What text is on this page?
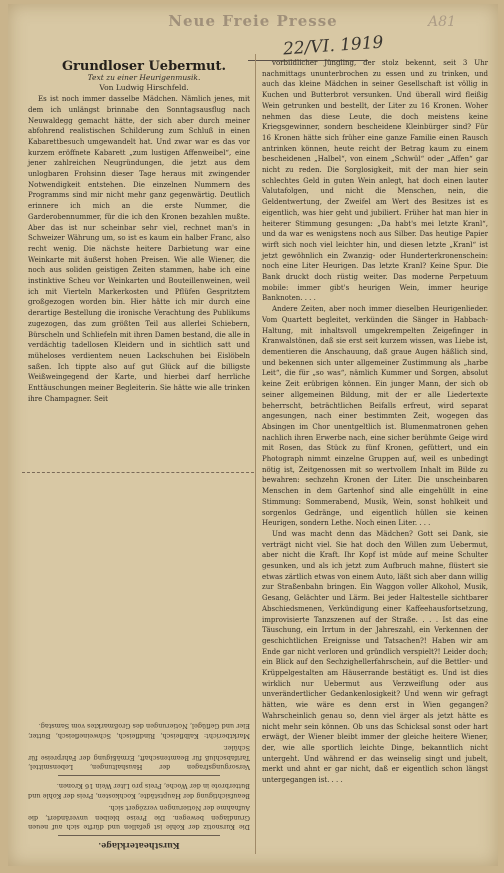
Neue Freie Presse	A81
22/VI. 1919

Grundloser Uebermut.

Text zu einer Heurigenmusik.

Von Ludwig Hirschfeld.

Es ist noch immer dasselbe Mädchen. Nämlich jenes, mit dem ich unlängst brinnabe den Sonntagsausflug nach Neuwaldegg gemacht hätte, der sich aber durch meiner abfohrend realistischen Schilderung zum Schluß in einen Kabarettbesuch umgewandelt hat. Und zwar war es das vor kurzem eröffnete Kabarett „zum lustigen Affenweibel“, eine jener zahlreichen Neugründungen, die jetzt aus dem unlogbaren Frohsinn dieser Tage heraus mit zwingender Notwendigkeit entstehen. Die einzelnen Nummern des Programms sind mir nicht mehr ganz gegenwärtig. Deutlich erinnere ich mich an die erste Nummer, die Garderobennummer, für die ich den Kronen bezahlen mußte. Aber das ist nur scheinbar sehr viel, rechnet man's in Schweizer Währung um, so ist es kaum ein halber Franc, also recht wenig. Die nächste heitere Darbietung war eine Weinkarte mit äußerst hohen Preisen. Wie alle Wiener, die noch aus soliden geistigen Zeiten stammen, habe ich eine instinktive Scheu vor Weinkarten und Bouteillenweinen, weil ich mit Vierteln Markerkosten und Pflüfen Gespritztem großgezogen worden bin. Hier hätte ich mir durch eine derartige Bestellung die ironische Verachtung des Publikums zugezogen, das zum größten Teil aus allerlei Schiebern, Bürscheln und Schliefeln mit ihren Damen bestand, die alle in verdächtig tadellosen Kleidern und in sichtlich satt und müheloses verdientem neuen Lackschuhen bei Eislöbeln saßen. Ich tippte also auf gut Glück auf die billigste Weißweingegend der Karte, und hierbei darf herrliche Enttäuschungen meiner Begleiterin. Sie hätte wie alle trinken ihre Champagner. Seit

vorbildlicher Jüngling, der stolz bekennt, seit 3 Uhr nachmittags ununterbrochen zu essen und zu trinken, und auch das kleine Mädchen in seiner Gesellschaft ist völlig in Kuchen und Butterbrot versunken. Und überall wird fleißig Wein getrunken und bestellt, der Liter zu 16 Kronen. Woher nehmen das diese Leute, die doch meistens keine Kriegsgewinner, sondern bescheidene Kleinbürger sind? Für 16 Kronen hätte sich früher eine ganze Familie einen Rausch antrinken können, heute reicht der Betrag kaum zu einem bescheidenen „Halbel“, von einem „Schwül“ oder „Affen“ gar nicht zu reden. Die Sorglosigkeit, mit der man hier sein schlechtes Geld in guten Wein anlegt, hat doch einen lauter Valutafolgen, und nicht die Menschen, nein, die Geldentwertung, der Zweifel am Wert des Besitzes ist es eigentlich, was hier geht und jubiliert. Früher hat man hier in heiterer Stimmung gesungen: „Da habt's mei letzte Kranl“, und da war es wenigstens noch aus Silber. Das heutige Papier wirft sich noch viel leichter hin, und diesen letzte „Kranl“ ist jetzt gewöhnlich ein Zwanzig- oder Hunderterkronenschein: noch eine Liter Heurigen. Das letzte Kranl? Keine Spur. Die Bank druckt doch rüstig weiter. Das moderne Perpetuum mobile: immer gibt's heurigen Wein, immer heurige Banknoten. . . .

Andere Zeiten, aber noch immer dieselben Heurigenlieder. Vom Quartett begleitet, verkünden die Sänger in Habbach-Haltung, mit inhaltsvoll umgekrempelten Zeigefinger in Kranwalstönen, daß sie erst seit kurzem wissen, was Liebe ist, dementieren die Anschauung, daß graue Augen häßlich sind, und bekennen sich unter allgemeiner Zustimmung als „harbe Leit“, die für „so was“, nämlich Kummer und Sorgen, absolut keine Zeit erübrigen können. Ein junger Mann, der sich ob seiner allgemeinen Bildung, mit der er alle Liedertexte beherrscht, beträchtlichen Beifalls erfreut, wird separat angesungen, nach einer bestimmten Zeit, wogegen das Absingen im Chor unentgeltlich ist. Blumenmatronen gehen nachlich ihren Erwerbe nach, eine sicher berühmte Geige wird mit Rosen, das Stück zu fünf Kronen, gefüttert, und ein Photograph nimmt einzelne Gruppen auf, weil es unbedingt nötig ist, Zeitgenossen mit so wertvollem Inhalt im Bilde zu bewahren: sechzehn Kronen der Liter. Die unscheinbaren Menschen in dem Gartenhof sind alle eingehüllt in eine Stimmung: Sommerabend, Musik, Wein, sonst hohlkeit und sorgenlos Gedränge, und eigentlich hüllen sie keinen Heurigen, sondern Lethe. Noch einen Liter. . . .

Und was macht denn das Mädchen? Gott sei Dank, sie verträgt nicht viel. Sie hat doch den Willen zum Uebermut, aber nicht die Kraft. Ihr Kopf ist müde auf meine Schulter gesunken, und als ich jetzt zum Aufbruch mahne, flüstert sie etwas zärtlich etwas von einem Auto, läßt sich aber dann willig zur Straßenbahn bringen. Ein Waggon voller Alkohol, Musik, Gesang, Gelächter und Lärm. Bei jeder Haltestelle sichtbarer Abschiedsmenen, Verkündigung einer Kaffeehausfortsetzung, improvisierte Tanzszenen auf der Straße. . . . Ist das eine Täuschung, ein Irrtum in der Jahreszahl, ein Verkennen der geschichtlichen Ereignisse und Tatsachen?! Haben wir am Ende gar nicht verloren und gründlich verspielt?! Leider doch; ein Blick auf den Sechzighellerfahrschein, auf die Bettler- und Krüppelgestalten am Häuserrande bestätigt es. Und ist dies wirklich nur Uebermut aus Verzweiflung oder aus unverändertlicher Gedankenlosigkeit? Und wenn wir gefragt hätten, wie wäre es denn erst in Wien gegangen? Wahrscheinlich genau so, denn viel ärger als jetzt hätte es nicht mehr sein können. Ob uns das Schicksal sonst oder hart erwägt, der Wiener bleibt immer der gleiche heitere Wiener, der, wie alle sportlich leichte Dinge, bekanntlich nicht untergeht. Und während er das weinselig singt und jubelt, merkt und ahnt er gar nicht, daß er eigentlich schon längst untergegangen ist. . . .

Kurstheaterklage.

Die Kursnotiz der Kohle ist gefallen und dürfte sich auf neuen Grundlagen bewegen. Die Preise bleiben unverändert, die Aufnahme der Notierungen verzögert sich.

Beaufsichtigung der Hauptstädte, Kochkosten, Preis der Kohle und Butterbrote in der Woche, Preis pro Liter Wein 16 Kronen.

Versorgungsfragen der Haushaltungen, Lebensmittel, Tarifabschluß für Beamtenschaft, Ermäßigung der Fahrpreise für Schüler.

Marktbericht: Kalbfleisch, Rindfleisch, Schweinefleisch, Butter, Eier und Geflügel, Notierungen des Großmarktes vom Samstag.
